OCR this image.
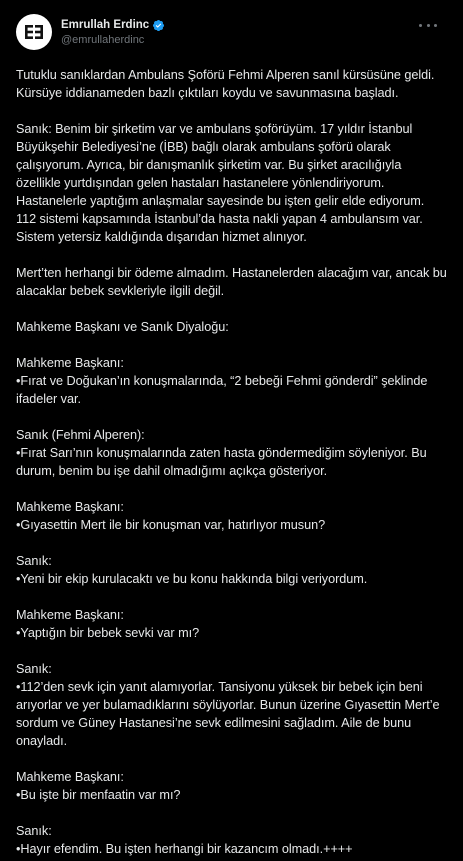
Emrullah Erdinc
@emrullaherdinc

Tutuklu sanıklardan Ambulans Şoförü Fehmi Alperen sanıl kürsüsüne geldi. Kürsüye iddianameden bazlı çıktıları koydu ve savunmasına başladı.

Sanık: Benim bir şirketim var ve ambulans şoförüyüm. 17 yıldır İstanbul Büyükşehir Belediyesi’ne (İBB) bağlı olarak ambulans şoförü olarak çalışıyorum. Ayrıca, bir danışmanlık şirketim var. Bu şirket aracılığıyla özellikle yurtdışından gelen hastaları hastanelere yönlendiriyorum. Hastanelerle yaptığım anlaşmalar sayesinde bu işten gelir elde ediyorum. 112 sistemi kapsamında İstanbul’da hasta nakli yapan 4 ambulansım var. Sistem yetersiz kaldığında dışarıdan hizmet alınıyor.

Mert’ten herhangi bir ödeme almadım. Hastanelerden alacağım var, ancak bu alacaklar bebek sevkleriyle ilgili değil.

Mahkeme Başkanı ve Sanık Diyaloğu:

Mahkeme Başkanı:
•Fırat ve Doğukan’ın konuşmalarında, “2 bebeği Fehmi gönderdi” şeklinde ifadeler var.

Sanık (Fehmi Alperen):
•Fırat Sarı’nın konuşmalarında zaten hasta göndermediğim söyleniyor. Bu durum, benim bu işe dahil olmadığımı açıkça gösteriyor.

Mahkeme Başkanı:
•Gıyasettin Mert ile bir konuşman var, hatırlıyor musun?

Sanık:
•Yeni bir ekip kurulacaktı ve bu konu hakkında bilgi veriyordum.

Mahkeme Başkanı:
•Yaptığın bir bebek sevki var mı?

Sanık:
•112’den sevk için yanıt alamıyorlar. Tansiyonu yüksek bir bebek için beni arıyorlar ve yer bulamadıklarını söylüyorlar. Bunun üzerine Gıyasettin Mert’e sordum ve Güney Hastanesi’ne sevk edilmesini sağladım. Aile de bunu onayladı.

Mahkeme Başkanı:
•Bu işte bir menfaatin var mı?

Sanık:
•Hayır efendim. Bu işten herhangi bir kazancım olmadı.++++
